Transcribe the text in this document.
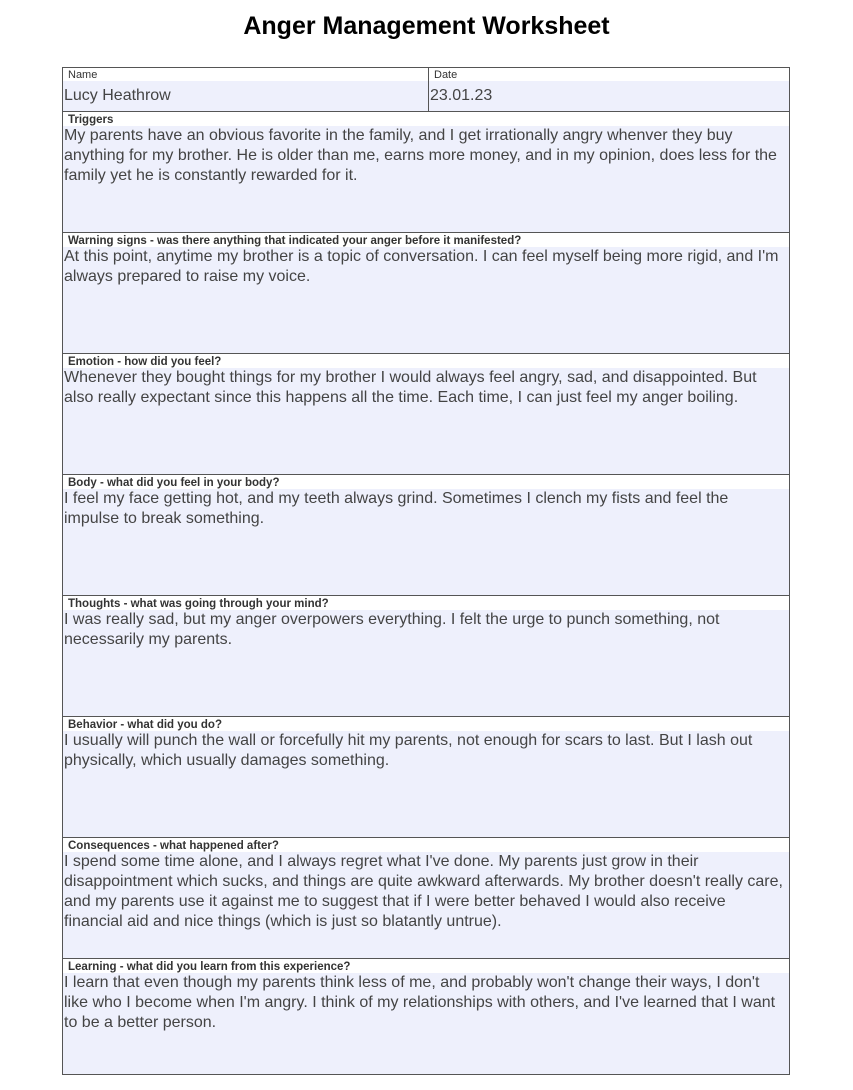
Anger Management Worksheet
Name
Lucy Heathrow
Date
23.01.23
Triggers
My parents have an obvious favorite in the family, and I get irrationally angry whenver they buy anything for my brother. He is older than me, earns more money, and in my opinion, does less for the family yet he is constantly rewarded for it.
Warning signs - was there anything that indicated your anger before it manifested?
At this point, anytime my brother is a topic of conversation. I can feel myself being more rigid, and I'm always prepared to raise my voice.
Emotion - how did you feel?
Whenever they bought things for my brother I would always feel angry, sad, and disappointed. But also really expectant since this happens all the time. Each time, I can just feel my anger boiling.
Body - what did you feel in your body?
I feel my face getting hot, and my teeth always grind. Sometimes I clench my fists and feel the impulse to break something.
Thoughts - what was going through your mind?
I was really sad, but my anger overpowers everything. I felt the urge to punch something, not necessarily my parents.
Behavior - what did you do?
I usually will punch the wall or forcefully hit my parents, not enough for scars to last. But I lash out physically, which usually damages something.
Consequences - what happened after?
I spend some time alone, and I always regret what I've done. My parents just grow in their disappointment which sucks, and things are quite awkward afterwards. My brother doesn't really care, and my parents use it against me to suggest that if I were better behaved I would also receive financial aid and nice things (which is just so blatantly untrue).
Learning - what did you learn from this experience?
I learn that even though my parents think less of me, and probably won't change their ways, I don't like who I become when I'm angry. I think of my relationships with others, and I've learned that I want to be a better person.
